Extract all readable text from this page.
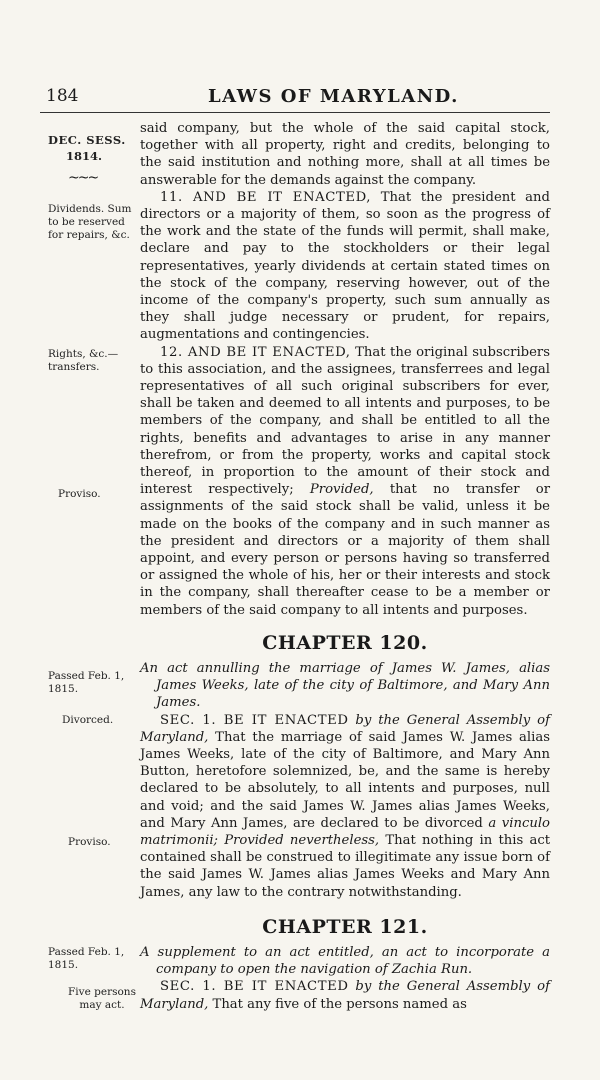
184	LAWS OF MARYLAND.
DEC. SESS.
1814.
~~~
Dividends. Sum to be reserved for repairs, &c.
Rights, &c.— transfers.
Proviso.
Passed Feb. 1, 1815.
Divorced.
Proviso.
Passed Feb. 1, 1815.
Five persons may act.

said company, but the whole of the said capital stock, together with all property, right and credits, belonging to the said institution and nothing more, shall at all times be answerable for the demands against the company.

11. AND BE IT ENACTED, That the president and directors or a majority of them, so soon as the progress of the work and the state of the funds will permit, shall make, declare and pay to the stockholders or their legal representatives, yearly dividends at certain stated times on the stock of the company, reserving however, out of the income of the company's property, such sum annually as they shall judge necessary or prudent, for repairs, augmentations and contingencies.

12. AND BE IT ENACTED, That the original subscribers to this association, and the assignees, transferrees and legal representatives of all such original subscribers for ever, shall be taken and deemed to all intents and purposes, to be members of the company, and shall be entitled to all the rights, benefits and advantages to arise in any manner therefrom, or from the property, works and capital stock thereof, in proportion to the amount of their stock and interest respectively; Provided, that no transfer or assignments of the said stock shall be valid, unless it be made on the books of the company and in such manner as the president and directors or a majority of them shall appoint, and every person or persons having so transferred or assigned the whole of his, her or their interests and stock in the company, shall thereafter cease to be a member or members of the said company to all intents and purposes.

CHAPTER 120.

An act annulling the marriage of James W. James, alias James Weeks, late of the city of Baltimore, and Mary Ann James.

SEC. 1. BE IT ENACTED by the General Assembly of Maryland, That the marriage of said James W. James alias James Weeks, late of the city of Baltimore, and Mary Ann Button, heretofore solemnized, be, and the same is hereby declared to be absolutely, to all intents and purposes, null and void; and the said James W. James alias James Weeks, and Mary Ann James, are declared to be divorced a vinculo matrimonii; Provided nevertheless, That nothing in this act contained shall be construed to illegitimate any issue born of the said James W. James alias James Weeks and Mary Ann James, any law to the contrary notwithstanding.

CHAPTER 121.

A supplement to an act entitled, an act to incorporate a company to open the navigation of Zachia Run.

SEC. 1. BE IT ENACTED by the General Assembly of Maryland, That any five of the persons named as
